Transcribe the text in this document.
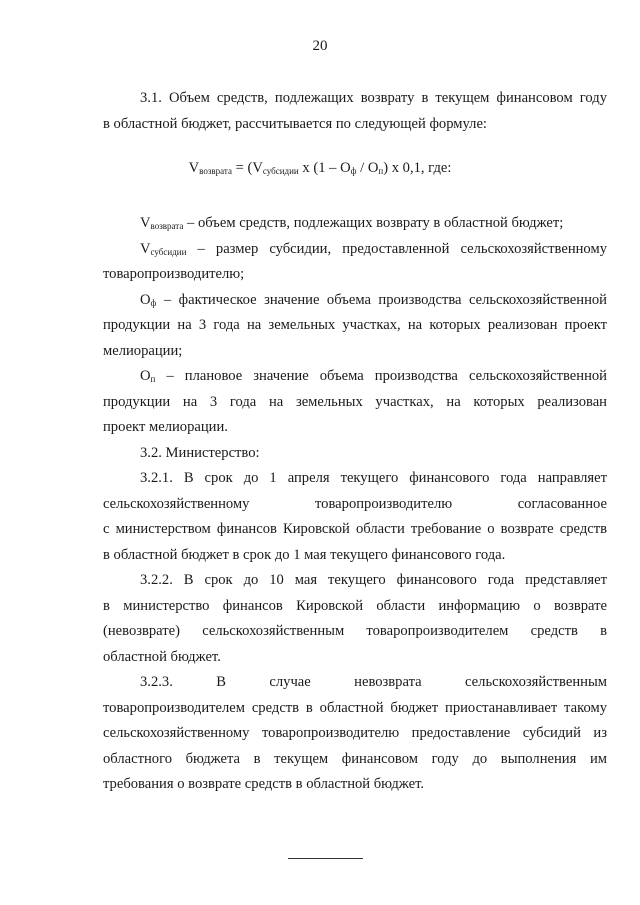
20

3.1. Объем средств, подлежащих возврату в текущем финансовом году

в областной бюджет, рассчитывается по следующей формуле:

$V_{возврата} = (V_{субсидии}$ x $(1 - O_ф / O_п)$ x 0,1, где:

$V_{возврата}$ – объем средств, подлежащих возврату в областной бюджет;

$V_{субсидии}$ – размер субсидии, предоставленной сельскохозяйственному

товаропроизводителю;

$O_ф$ – фактическое значение объема производства сельскохозяйственной

продукции на 3 года на земельных участках, на которых реализован проект

мелиорации;

$O_п$ – плановое значение объема производства сельскохозяйственной

продукции на 3 года на земельных участках, на которых реализован

проект мелиорации.

3.2. Министерство:

3.2.1. В срок до 1 апреля текущего финансового года направляет

сельскохозяйственному	товаропроизводителю	согласованное

с министерством финансов Кировской области требование о возврате средств

в областной бюджет в срок до 1 мая текущего финансового года.

3.2.2. В срок до 10 мая текущего финансового года представляет

в министерство финансов Кировской области информацию о возврате

(невозврате) сельскохозяйственным товаропроизводителем средств в

областной бюджет.

3.2.3.	В	случае	невозврата	сельскохозяйственным

товаропроизводителем средств в областной бюджет приостанавливает такому

сельскохозяйственному товаропроизводителю предоставление субсидий из

областного бюджета в текущем финансовом году до выполнения им

требования о возврате средств в областной бюджет.
